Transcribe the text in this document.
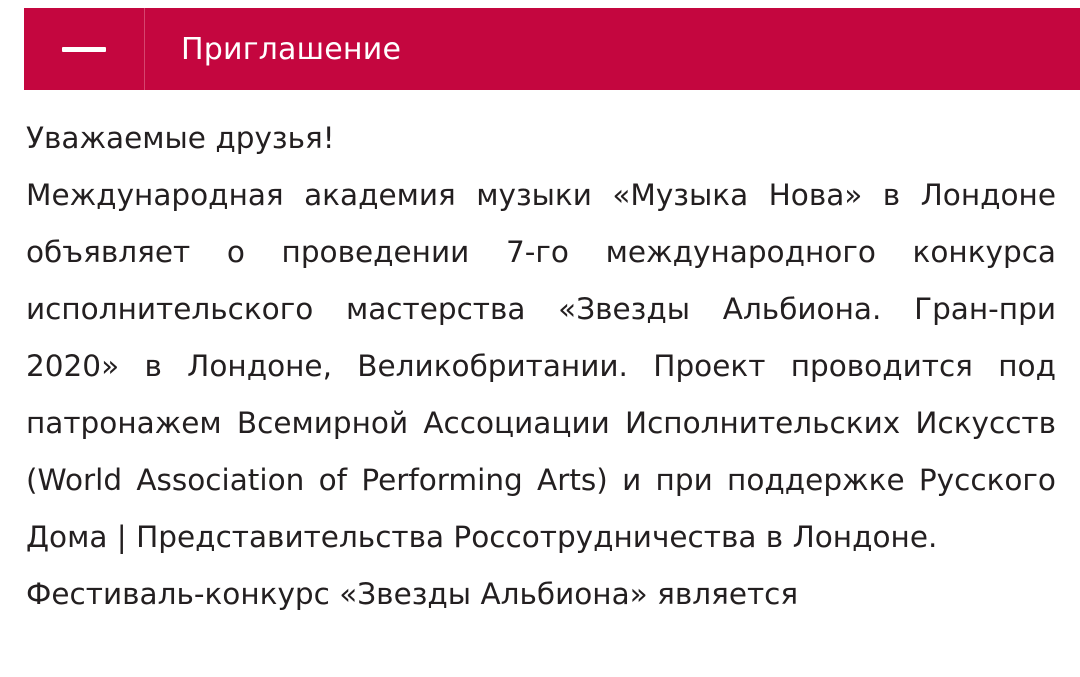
Приглашение

Уважаемые друзья!

Международная академия музыки «Музыка Нова» в Лондоне объявляет о проведении 7-го международного конкурса исполнительского мастерства «Звезды Альбиона. Гран-при 2020» в Лондоне, Великобритании. Проект проводится под патронажем Всемирной Ассоциации Исполнительских Искусств (World Association of Performing Arts) и при поддержке Русского Дома | Представительства Россотрудничества в Лондоне.

Фестиваль-конкурс «Звезды Альбиона» является
